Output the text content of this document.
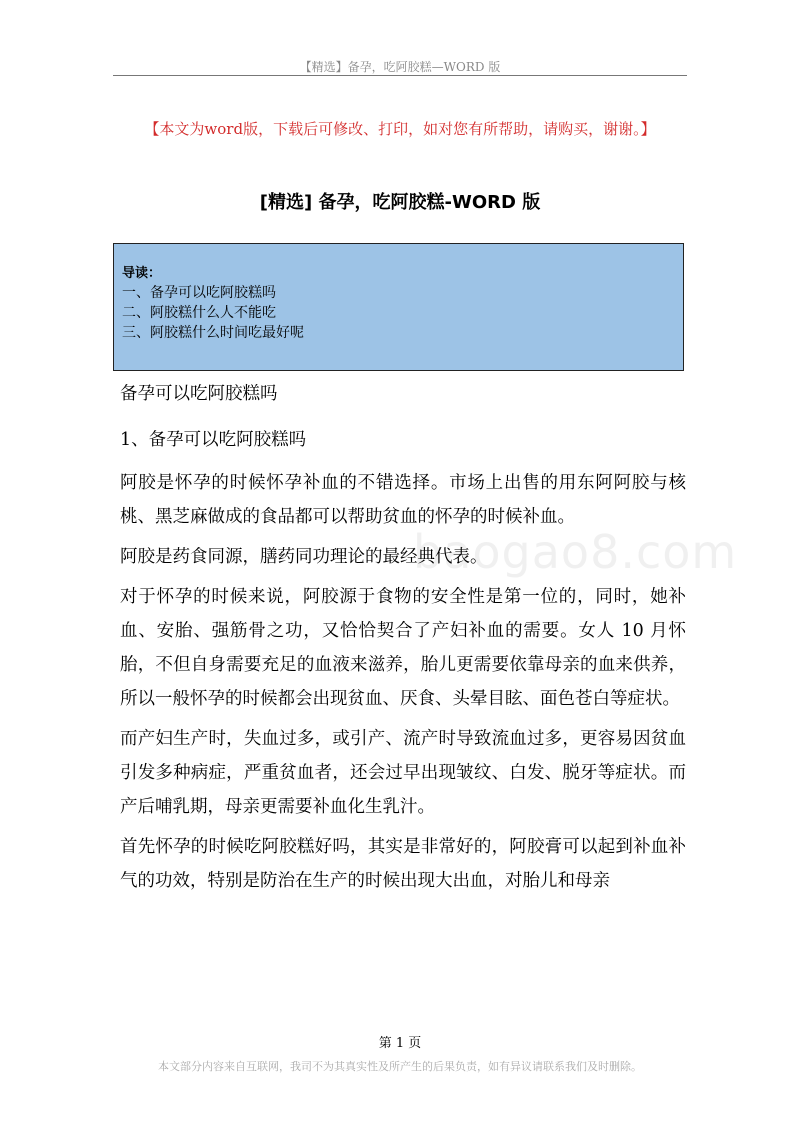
【精选】备孕，吃阿胶糕—WORD 版
【本文为word版，下载后可修改、打印，如对您有所帮助，请购买，谢谢。】
[精选] 备孕，吃阿胶糕-WORD 版
导读：
一、备孕可以吃阿胶糕吗
二、阿胶糕什么人不能吃
三、阿胶糕什么时间吃最好呢
baogao8.com

备孕可以吃阿胶糕吗

1、备孕可以吃阿胶糕吗

阿胶是怀孕的时候怀孕补血的不错选择。市场上出售的用东阿阿胶与核桃、黑芝麻做成的食品都可以帮助贫血的怀孕的时候补血。

阿胶是药食同源，膳药同功理论的最经典代表。

对于怀孕的时候来说，阿胶源于食物的安全性是第一位的，同时，她补血、安胎、强筋骨之功，又恰恰契合了产妇补血的需要。女人 10 月怀胎，不但自身需要充足的血液来滋养，胎儿更需要依靠母亲的血来供养，所以一般怀孕的时候都会出现贫血、厌食、头晕目眩、面色苍白等症状。

而产妇生产时，失血过多，或引产、流产时导致流血过多，更容易因贫血引发多种病症，严重贫血者，还会过早出现皱纹、白发、脱牙等症状。而产后哺乳期，母亲更需要补血化生乳汁。

首先怀孕的时候吃阿胶糕好吗，其实是非常好的，阿胶膏可以起到补血补气的功效，特别是防治在生产的时候出现大出血，对胎儿和母亲

第 1 页
本文部分内容来自互联网，我司不为其真实性及所产生的后果负责，如有异议请联系我们及时删除。
